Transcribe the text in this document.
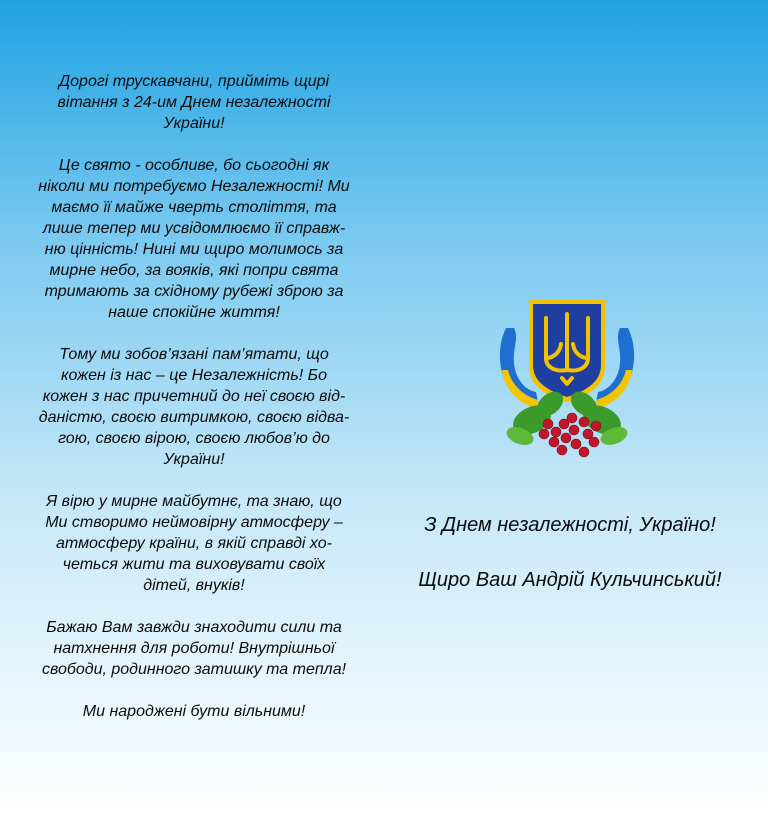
Дорогі трускавчани, прийміть щирі
вітання з 24-им Днем незалежності
України!

Це свято - особливе, бо сьогодні як
ніколи ми потребуємо Незалежності! Ми
маємо її майже чверть століття, та
лише тепер ми усвідомлюємо її справж-
ню цінність! Нині ми щиро молимось за
мирне небо, за вояків, які попри свята
тримають за східному рубежі зброю за
наше спокійне життя!

Тому ми зобов’язані пам’ятати, що
кожен із нас – це Незалежність! Бо
кожен з нас причетний до неї своєю від-
даністю, своєю витримкою, своєю відва-
гою, своєю вірою, своєю любов’ю до
України!

Я вірю у мирне майбутнє, та знаю, що
Ми створимо неймовірну атмосферу –
атмосферу країни, в якій справді хо-
четься жити та виховувати своїх
дітей, внуків!

Бажаю Вам завжди знаходити сили та
натхнення для роботи! Внутрішньої
свободи, родинного затишку та тепла!

Ми народжені бути вільними!

З Днем незалежності, Україно!
Щиро Ваш Андрій Кульчинський!
